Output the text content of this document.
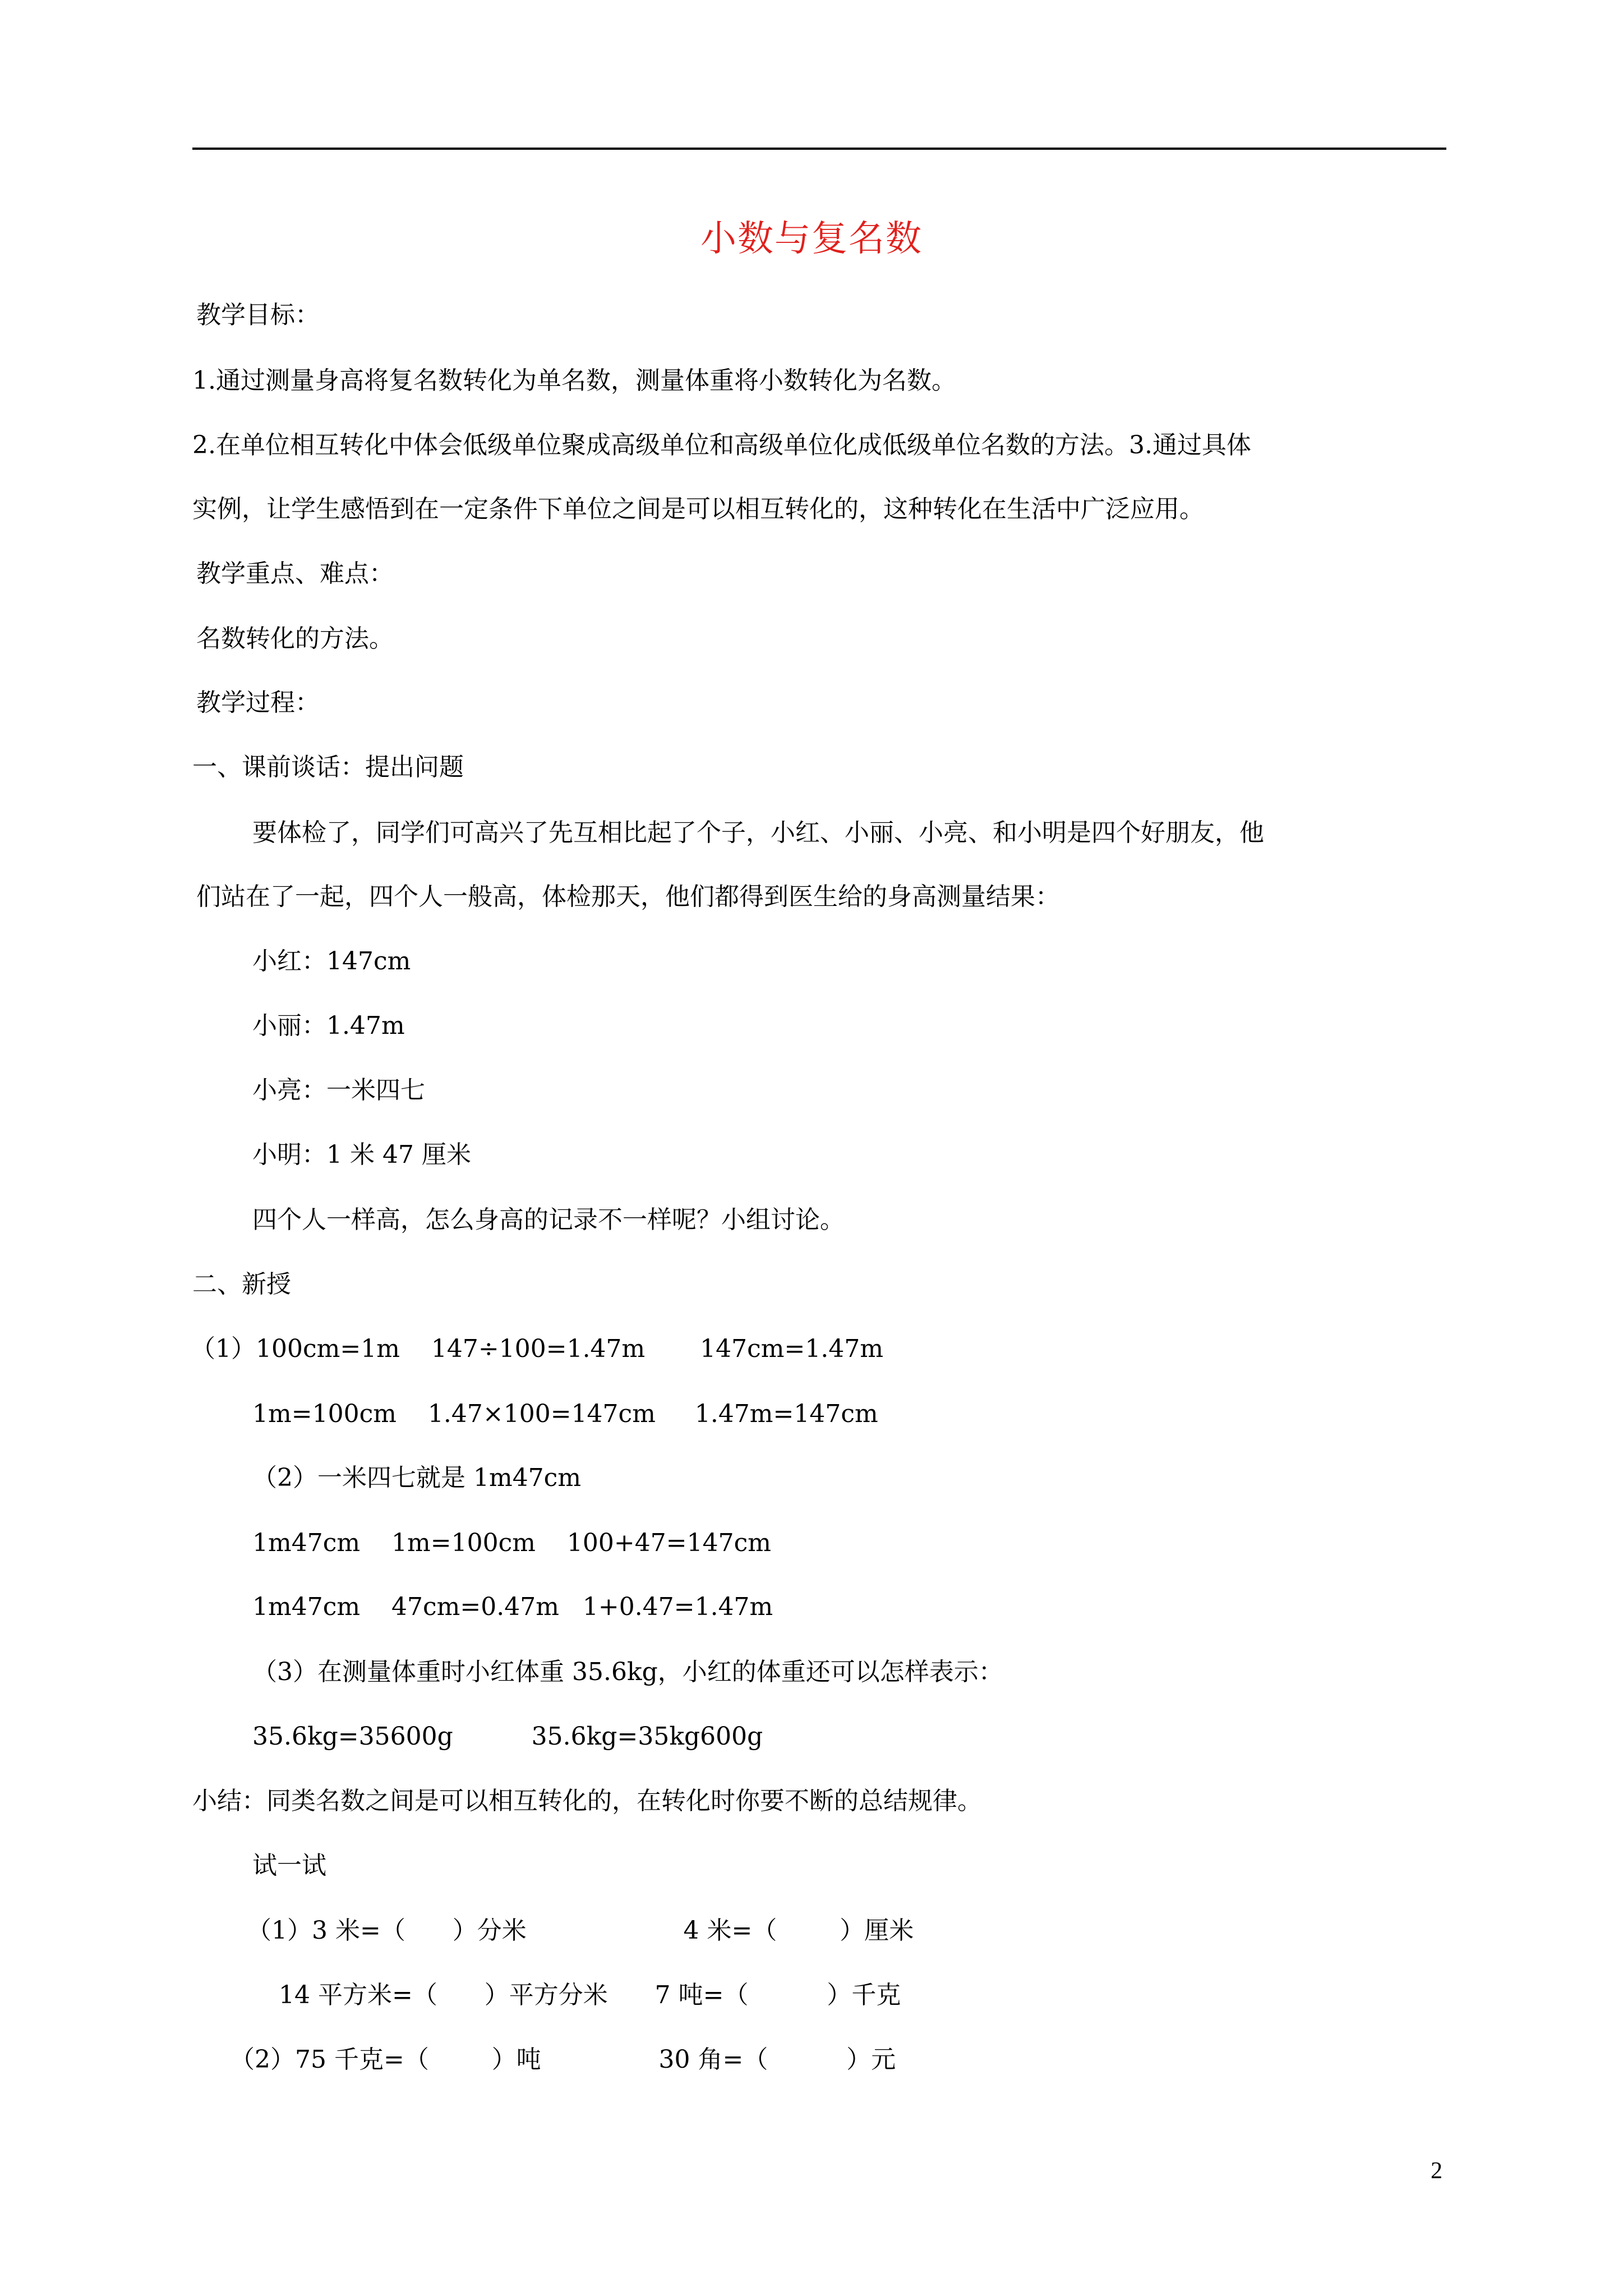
小数与复名数
教学目标：
1.通过测量身高将复名数转化为单名数，测量体重将小数转化为名数。
2.在单位相互转化中体会低级单位聚成高级单位和高级单位化成低级单位名数的方法。3.通过具体
实例，让学生感悟到在一定条件下单位之间是可以相互转化的，这种转化在生活中广泛应用。
教学重点、难点：
名数转化的方法。
教学过程：
一、课前谈话：提出问题
要体检了，同学们可高兴了先互相比起了个子，小红、小丽、小亮、和小明是四个好朋友，他
们站在了一起，四个人一般高，体检那天，他们都得到医生给的身高测量结果：
小红：147cm
小丽：1.47m
小亮：一米四七
小明：1 米 47 厘米
四个人一样高，怎么身高的记录不一样呢？小组讨论。
二、新授
（1）100cm=1m    147÷100=1.47m       147cm=1.47m
1m=100cm    1.47×100=147cm     1.47m=147cm
（2）一米四七就是 1m47cm
1m47cm    1m=100cm    100+47=147cm
1m47cm    47cm=0.47m   1+0.47=1.47m
（3）在测量体重时小红体重 35.6kg，小红的体重还可以怎样表示：
35.6kg=35600g          35.6kg=35kg600g
小结：同类名数之间是可以相互转化的，在转化时你要不断的总结规律。
试一试
（1）3 米=（      ）分米                    4 米=（        ）厘米
14 平方米=（      ）平方分米      7 吨=（          ）千克
（2）75 千克=（        ）吨               30 角=（          ）元
2
